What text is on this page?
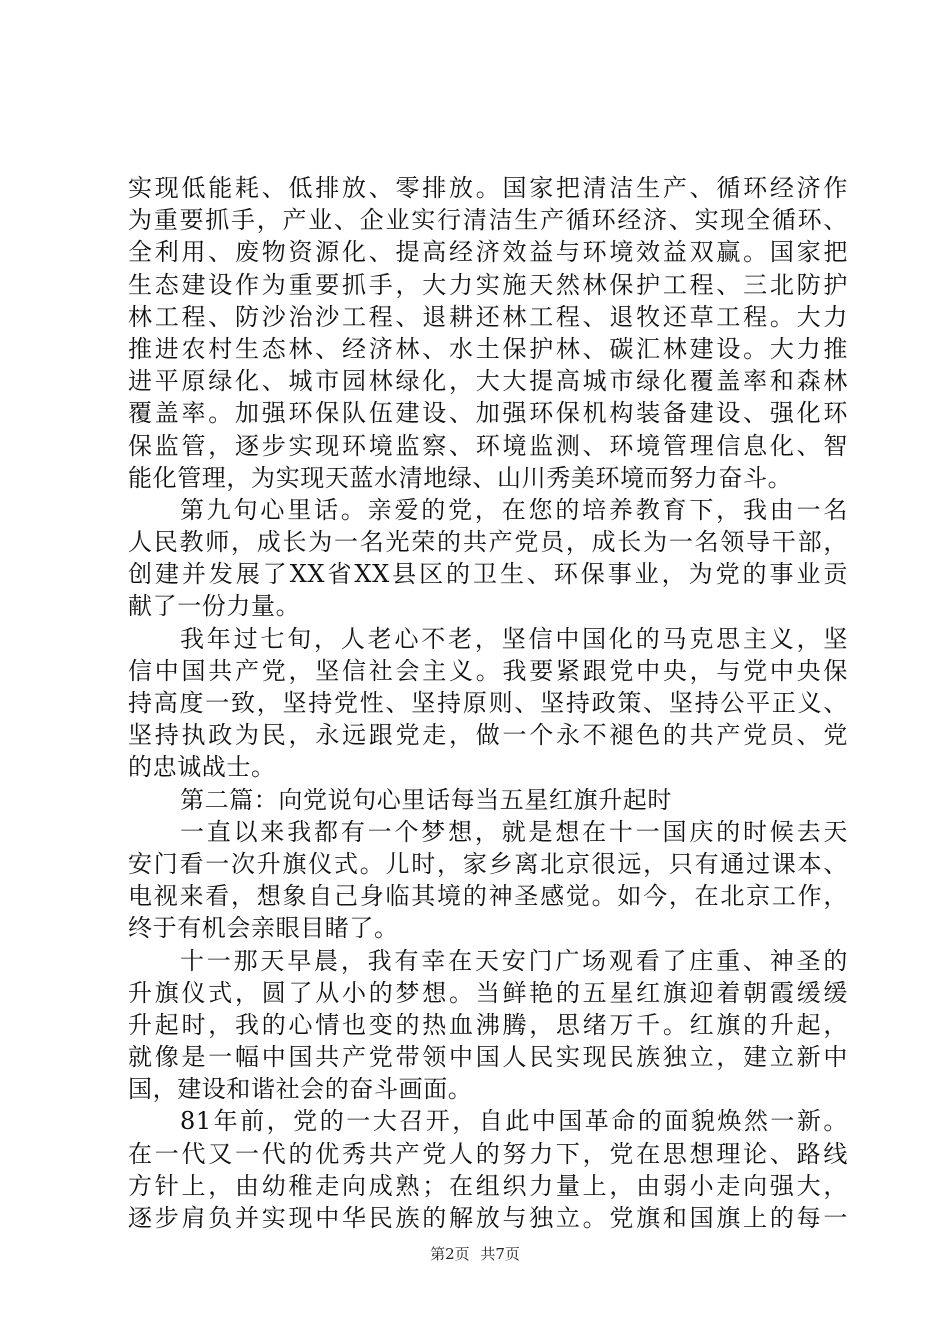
实现低能耗、低排放、零排放。国家把清洁生产、循环经济作
为重要抓手，产业、企业实行清洁生产循环经济、实现全循环、
全利用、废物资源化、提高经济效益与环境效益双赢。国家把
生态建设作为重要抓手，大力实施天然林保护工程、三北防护
林工程、防沙治沙工程、退耕还林工程、退牧还草工程。大力
推进农村生态林、经济林、水土保护林、碳汇林建设。大力推
进平原绿化、城市园林绿化，大大提高城市绿化覆盖率和森林
覆盖率。加强环保队伍建设、加强环保机构装备建设、强化环
保监管，逐步实现环境监察、环境监测、环境管理信息化、智
能化管理，为实现天蓝水清地绿、山川秀美环境而努力奋斗。
第九句心里话。亲爱的党，在您的培养教育下，我由一名
人民教师，成长为一名光荣的共产党员，成长为一名领导干部，
创建并发展了XX省XX县区的卫生、环保事业，为党的事业贡
献了一份力量。
我年过七旬，人老心不老，坚信中国化的马克思主义，坚
信中国共产党，坚信社会主义。我要紧跟党中央，与党中央保
持高度一致，坚持党性、坚持原则、坚持政策、坚持公平正义、
坚持执政为民，永远跟党走，做一个永不褪色的共产党员、党
的忠诚战士。
第二篇：向党说句心里话每当五星红旗升起时
一直以来我都有一个梦想，就是想在十一国庆的时候去天
安门看一次升旗仪式。儿时，家乡离北京很远，只有通过课本、
电视来看，想象自己身临其境的神圣感觉。如今，在北京工作，
终于有机会亲眼目睹了。
十一那天早晨，我有幸在天安门广场观看了庄重、神圣的
升旗仪式，圆了从小的梦想。当鲜艳的五星红旗迎着朝霞缓缓
升起时，我的心情也变的热血沸腾，思绪万千。红旗的升起，
就像是一幅中国共产党带领中国人民实现民族独立，建立新中
国，建设和谐社会的奋斗画面。
81年前，党的一大召开，自此中国革命的面貌焕然一新。
在一代又一代的优秀共产党人的努力下，党在思想理论、路线
方针上，由幼稚走向成熟；在组织力量上，由弱小走向强大，
逐步肩负并实现中华民族的解放与独立。党旗和国旗上的每一
第2页 共7页
